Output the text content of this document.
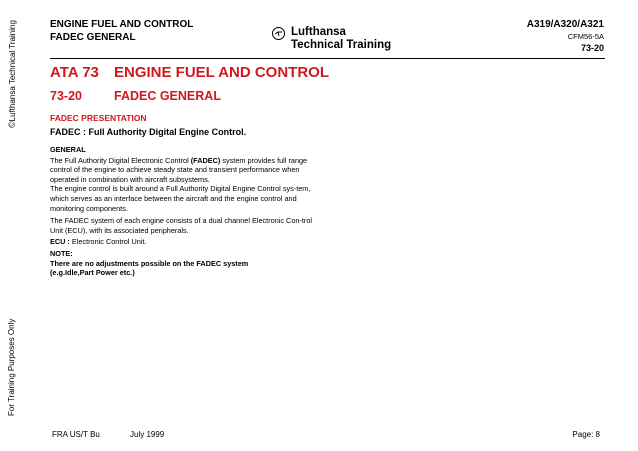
©Lufthansa Technical Training
For Training Purposes Only
ENGINE FUEL AND CONTROL
FADEC GENERAL	Lufthansa
Technical Training
A319/A320/A321
CFM56-5A
73-20
ATA 73 ENGINE FUEL AND CONTROL
73-20	FADEC GENERAL
FADEC PRESENTATION
FADEC : Full Authority Digital Engine Control.
GENERAL
The Full Authority Digital Electronic Control (FADEC) system provides full range control of the engine to achieve steady state and transient performance when operated in combination with aircraft subsystems.
The engine control is built around a Full Authority Digital Engine Control sys-tem, which serves as an interface between the aircraft and the engine control and monitoring components.
The FADEC system of each engine consists of a dual channel Electronic Con-trol Unit (ECU), with its associated peripherals.
ECU : Electronic Control Unit.
NOTE:
There are no adjustments possible on the FADEC system (e.g.Idle,Part Power etc.)
FRA US/T Bu	July 1999	Page: 8
